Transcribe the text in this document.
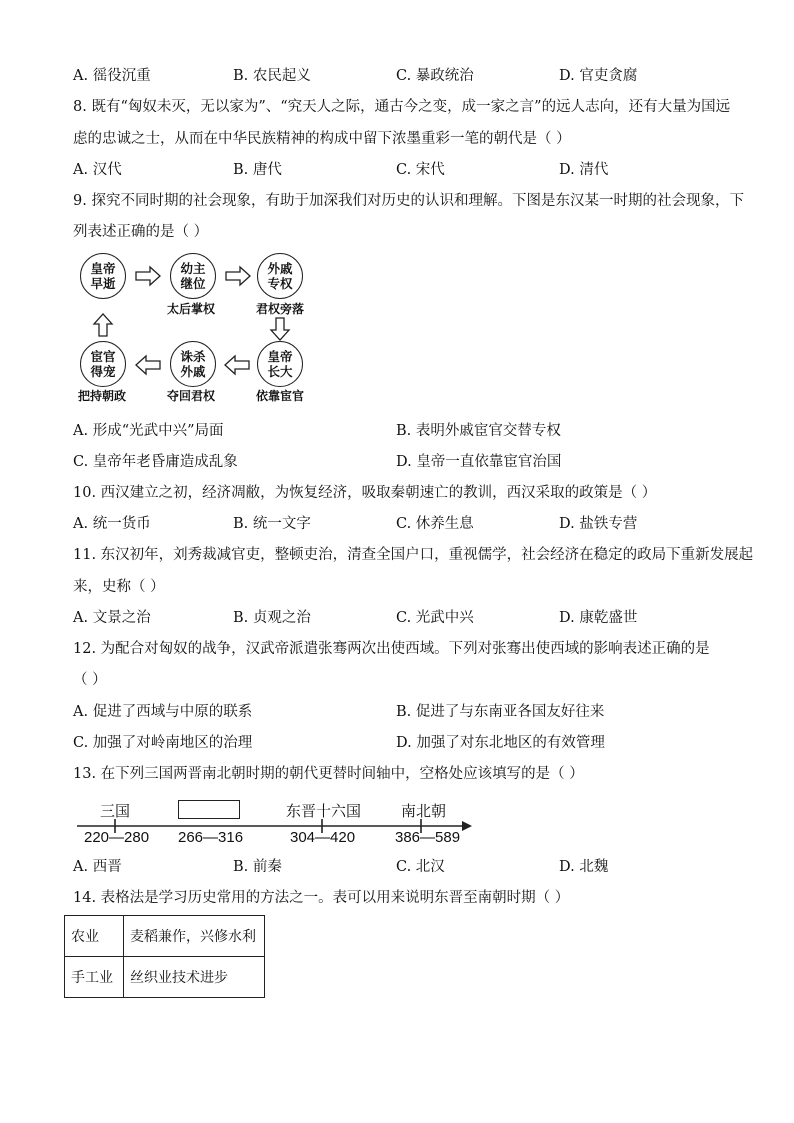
A. 徭役沉重	B. 农民起义	C. 暴政统治	D. 官吏贪腐
8. 既有“匈奴未灭，无以家为”、“究天人之际，通古今之变，成一家之言”的远人志向，还有大量为国远
虑的忠诚之士，从而在中华民族精神的构成中留下浓墨重彩一笔的朝代是（ ）
A. 汉代	B. 唐代	C. 宋代	D. 清代
9. 探究不同时期的社会现象，有助于加深我们对历史的认识和理解。下图是东汉某一时期的社会现象，下
列表述正确的是（ ）
皇帝早逝
幼主继位
外戚专权
皇帝长大
诛杀外戚
宦官得宠
太后掌权	君权旁落
依靠宦官
夺回君权
把持朝政
A. 形成“光武中兴”局面	B. 表明外戚宦官交替专权
C. 皇帝年老昏庸造成乱象	D. 皇帝一直依靠宦官治国
10. 西汉建立之初，经济凋敝，为恢复经济，吸取秦朝速亡的教训，西汉采取的政策是（ ）
A. 统一货币	B. 统一文字	C. 休养生息	D. 盐铁专营
11. 东汉初年，刘秀裁减官吏，整顿吏治，清查全国户口，重视儒学，社会经济在稳定的政局下重新发展起
来，史称（ ）
A. 文景之治	B. 贞观之治	C. 光武中兴	D. 康乾盛世
12. 为配合对匈奴的战争，汉武帝派遣张骞两次出使西域。下列对张骞出使西域的影响表述正确的是
（ ）
A. 促进了西域与中原的联系	B. 促进了与东南亚各国友好往来
C. 加强了对岭南地区的治理	D. 加强了对东北地区的有效管理
13. 在下列三国两晋南北朝时期的朝代更替时间轴中，空格处应该填写的是（ ）
三国	东晋十六国	南北朝
220—280 266—316	304—420	386—589
A. 西晋	B. 前秦	C. 北汉	D. 北魏
14. 表格法是学习历史常用的方法之一。表可以用来说明东晋至南朝时期（ ）
农业	麦稻兼作，兴修水利
手工业	丝织业技术进步
